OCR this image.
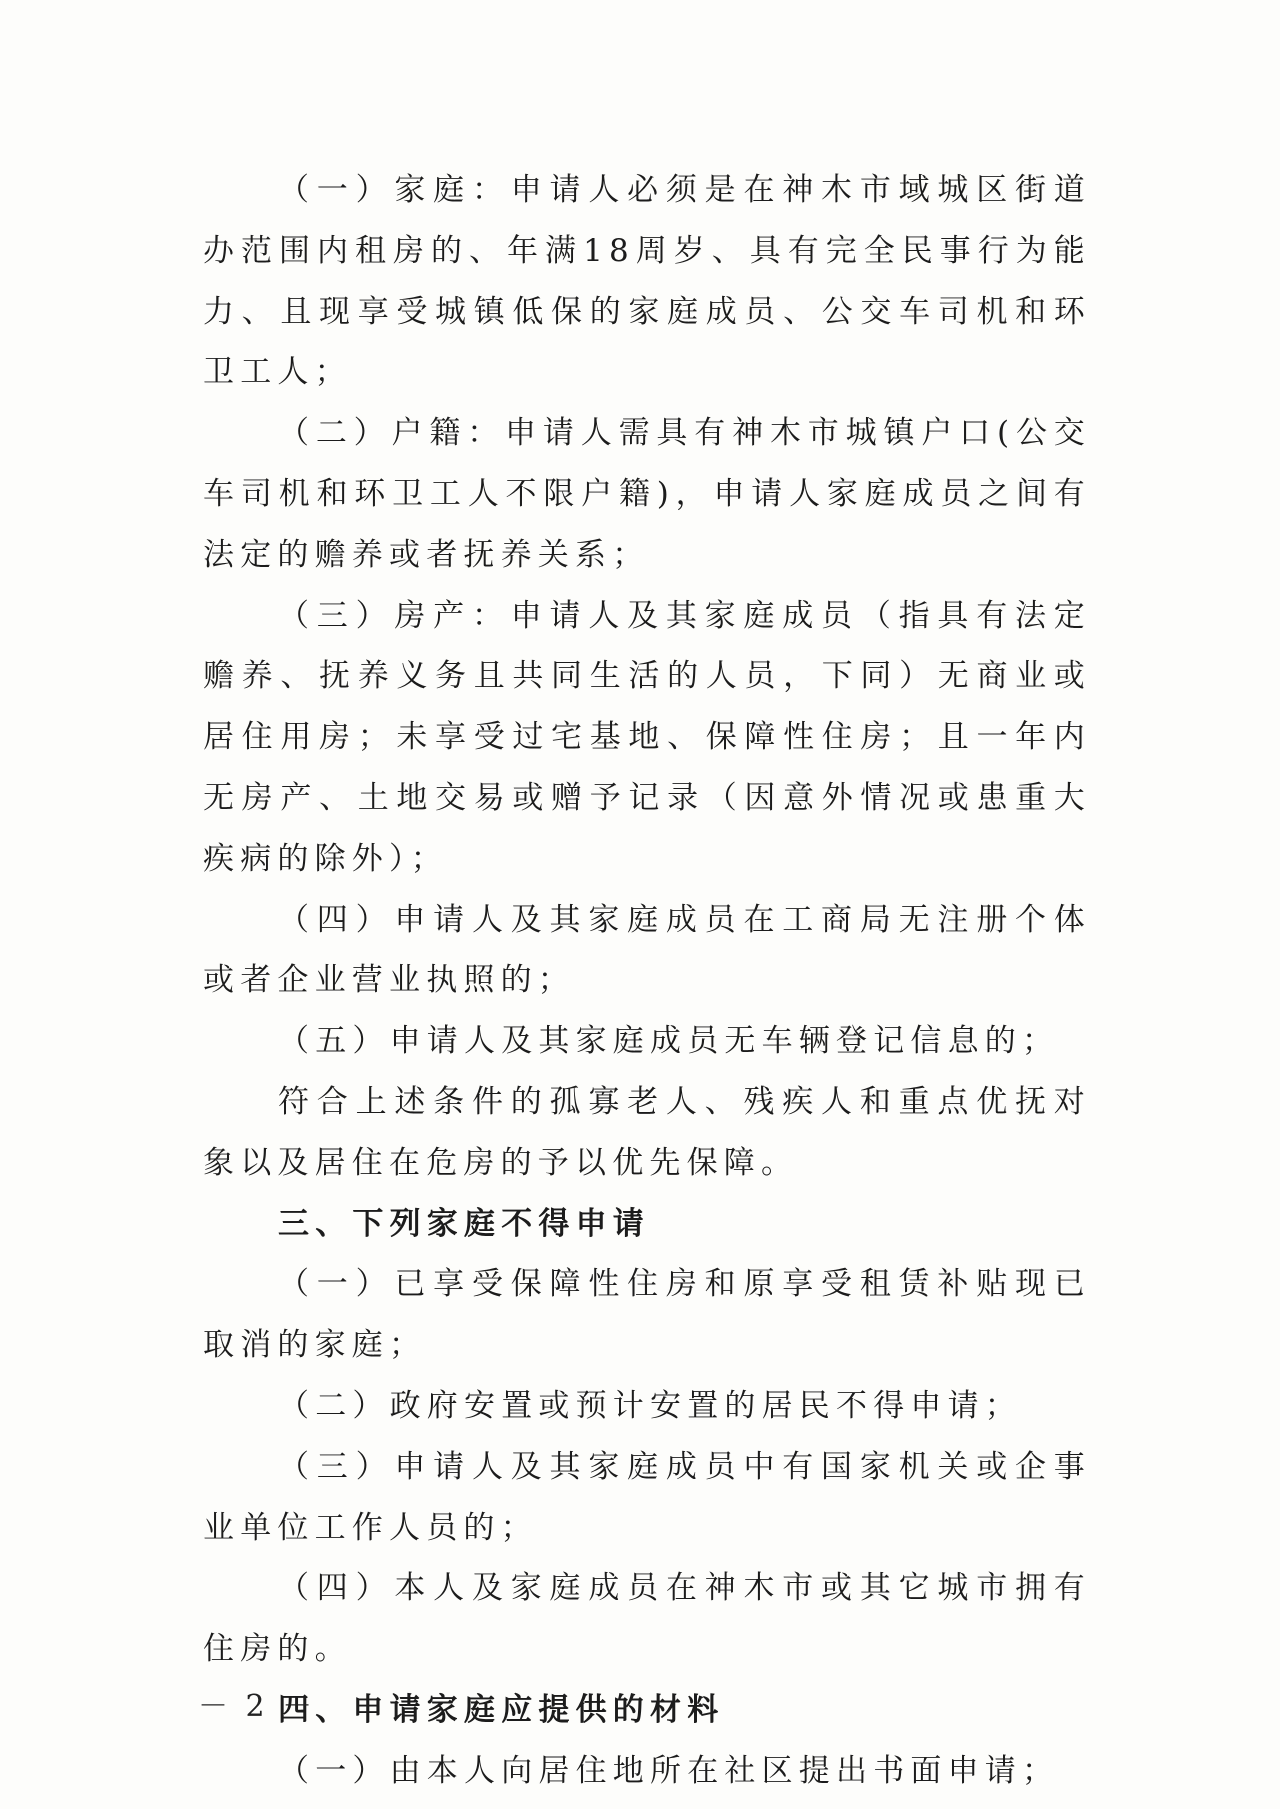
（一）家庭：申请人必须是在神木市域城区街道办范围内租房的、年满18周岁、具有完全民事行为能力、且现享受城镇低保的家庭成员、公交车司机和环卫工人；

（二）户籍：申请人需具有神木市城镇户口(公交车司机和环卫工人不限户籍)，申请人家庭成员之间有法定的赡养或者抚养关系；

（三）房产：申请人及其家庭成员（指具有法定赡养、抚养义务且共同生活的人员，下同）无商业或居住用房；未享受过宅基地、保障性住房；且一年内无房产、土地交易或赠予记录（因意外情况或患重大疾病的除外）；

（四）申请人及其家庭成员在工商局无注册个体或者企业营业执照的；

（五）申请人及其家庭成员无车辆登记信息的；

符合上述条件的孤寡老人、残疾人和重点优抚对象以及居住在危房的予以优先保障。

三、下列家庭不得申请

（一）已享受保障性住房和原享受租赁补贴现已取消的家庭；

（二）政府安置或预计安置的居民不得申请；

（三）申请人及其家庭成员中有国家机关或企事业单位工作人员的；

（四）本人及家庭成员在神木市或其它城市拥有住房的。

四、申请家庭应提供的材料

（一）由本人向居住地所在社区提出书面申请；

－ 2 －
